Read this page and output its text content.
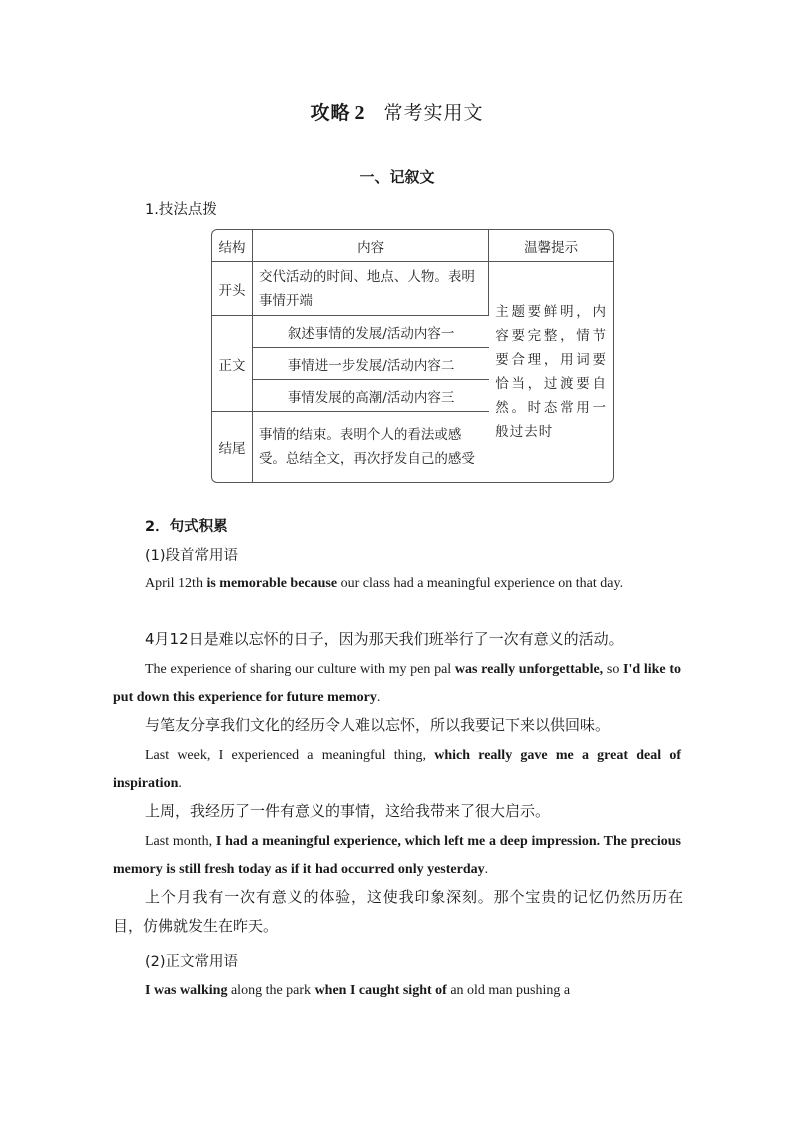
攻略 2 常考实用文
一、记叙文
1.技法点拨
结构	内容	温馨提示
开头	交代活动的时间、地点、人物。表明事情开端	主题要鲜明，内容要完整，情节要合理，用词要恰当，过渡要自然。时态常用一般过去时
正文	叙述事情的发展/活动内容一	
	事情进一步发展/活动内容二	
	事情发展的高潮/活动内容三	
结尾	事情的结束。表明个人的看法或感受。总结全文，再次抒发自己的感受	
2．句式积累
(1)段首常用语
April 12th is memorable because our class had a meaningful experience on that day.
4月12日是难以忘怀的日子，因为那天我们班举行了一次有意义的活动。
The experience of sharing our culture with my pen pal was really unforgettable, so I'd like to put down this experience for future memory.
与笔友分享我们文化的经历令人难以忘怀，所以我要记下来以供回味。
Last week, I experienced a meaningful thing, which really gave me a great deal of inspiration.
上周，我经历了一件有意义的事情，这给我带来了很大启示。
Last month, I had a meaningful experience, which left me a deep impression. The precious memory is still fresh today as if it had occurred only yesterday.
上个月我有一次有意义的体验，这使我印象深刻。那个宝贵的记忆仍然历历在目，仿佛就发生在昨天。
(2)正文常用语
I was walking along the park when I caught sight of an old man pushing a
